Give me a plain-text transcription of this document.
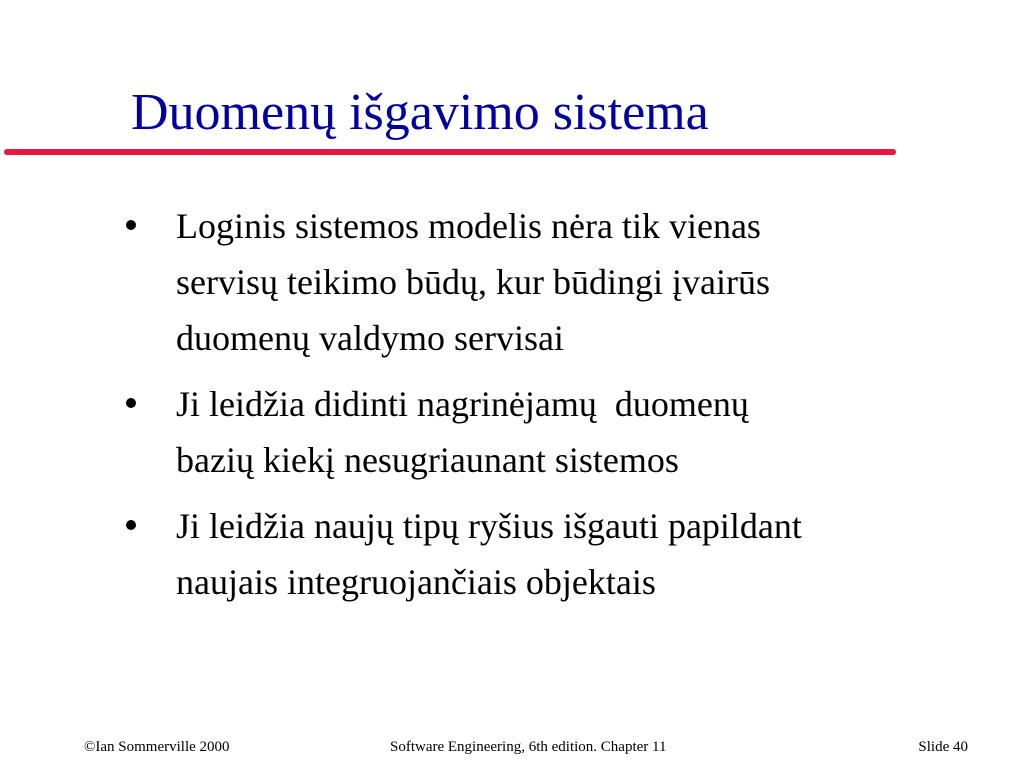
Duomenų išgavimo sistema
Loginis sistemos modelis nėra tik vienas
servisų teikimo būdų, kur būdingi įvairūs
duomenų valdymo servisai
Ji leidžia didinti nagrinėjamų  duomenų
bazių kiekį nesugriaunant sistemos
Ji leidžia naujų tipų ryšius išgauti papildant
naujais integruojančiais objektais
©Ian Sommerville 2000	Software Engineering, 6th edition. Chapter 11	Slide 40
